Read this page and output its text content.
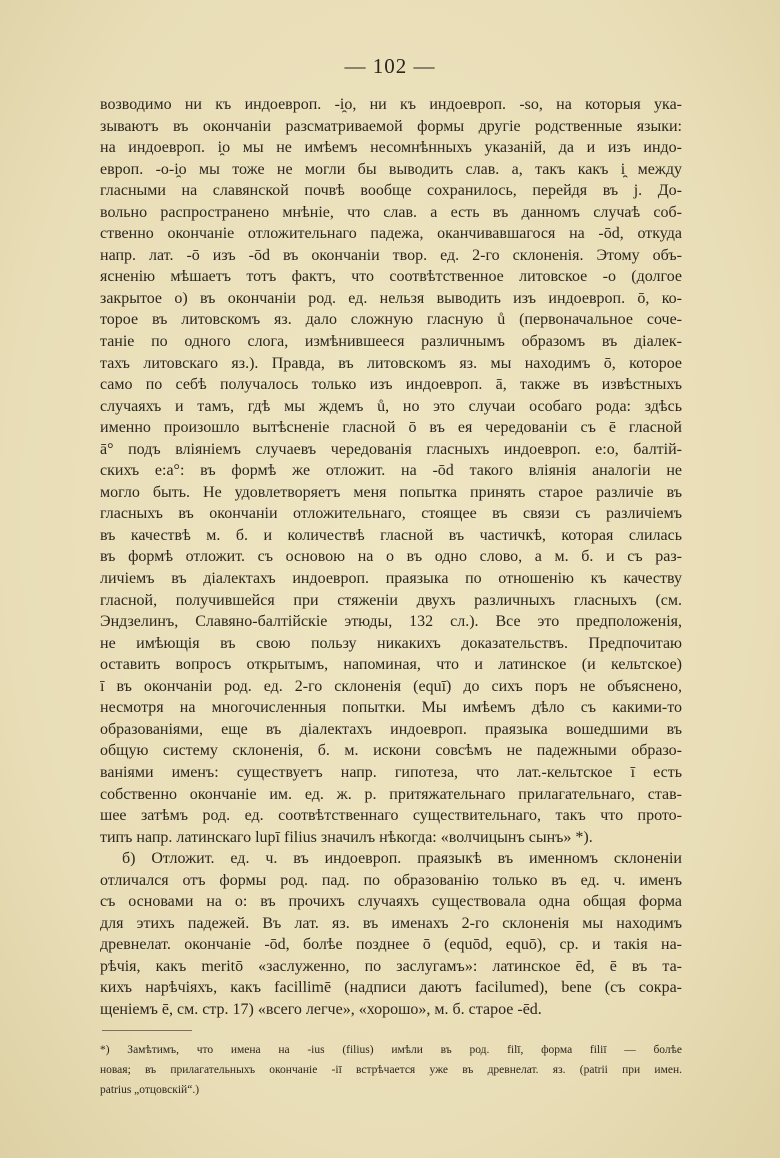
— 102 —
возводимо ни къ индоевроп. -i̯o, ни къ индоевроп. -so, на которыя ука-
зываютъ въ окончанiи разсматриваемой формы другiе родственные языки:
на индоевроп. i̯o мы не имѣемъ несомнѣнныхъ указанiй, да и изъ индо-
европ. -o-i̯o мы тоже не могли бы выводить слав. а, такъ какъ i̯ между
гласными на славянской почвѣ вообще сохранилось, перейдя въ j. До-
вольно распространено мнѣнiе, что слав. а есть въ данномъ случаѣ соб-
ственно окончанiе отложительнаго падежа, оканчивавшагося на -ōd, откуда
напр. лат. -ō изъ -ōd въ окончанiи твор. ед. 2-го склоненiя. Этому объ-
ясненiю мѣшаетъ тотъ фактъ, что соотвѣтственное литовское -o (долгое
закрытое o) въ окончанiи род. ед. нельзя выводить изъ индоевроп. ō, ко-
торое въ литовскомъ яз. дало сложную гласную ů (первоначальное соче-
танiе по одного слога, измѣнившееся различнымъ образомъ въ дiалек-
тахъ литовскаго яз.). Правда, въ литовскомъ яз. мы находимъ ō, которое
само по себѣ получалось только изъ индоевроп. ā, также въ извѣстныхъ
случаяхъ и тамъ, гдѣ мы ждемъ ů, но это случаи особаго рода: здѣсь
именно произошло вытѣсненiе гласной ō въ ея чередованiи съ ē гласной
ā° подъ влiянiемъ случаевъ чередованiя гласныхъ индоевроп. e:o, балтiй-
скихъ e:a°: въ формѣ же отложит. на -ōd такого влiянiя аналогiи не
могло быть. Не удовлетворяетъ меня попытка принять старое различiе въ
гласныхъ въ окончанiи отложительнаго, стоящее въ связи съ различiемъ
въ качествѣ м. б. и количествѣ гласной въ частичкѣ, которая слилась
въ формѣ отложит. съ основою на o въ одно слово, а м. б. и съ раз-
личiемъ въ дiалектахъ индоевроп. праязыка по отношенiю къ качеству
гласной, получившейся при стяженiи двухъ различныхъ гласныхъ (см.
Эндзелинъ, Славяно-балтiйскiе этюды, 132 сл.). Все это предположенiя,
не имѣющiя въ свою пользу никакихъ доказательствъ. Предпочитаю
оставить вопросъ открытымъ, напоминая, что и латинское (и кельтское)
ī въ окончанiи род. ед. 2-го склоненiя (equī) до сихъ поръ не объяснено,
несмотря на многочисленныя попытки. Мы имѣемъ дѣло съ какими-то
образованiями, еще въ дiалектахъ индоевроп. праязыка вошедшими въ
общую систему склоненiя, б. м. искони совсѣмъ не падежными образо-
ванiями именъ: существуетъ напр. гипотеза, что лат.-кельтское ī есть
собственно окончанiе им. ед. ж. р. притяжательнаго прилагательнаго, став-
шее затѣмъ род. ед. соотвѣтственнаго существительнаго, такъ что прото-
типъ напр. латинскаго lupī filius значилъ нѣкогда: «волчицынъ сынъ» *).
б) Отложит. ед. ч. въ индоевроп. праязыкѣ въ именномъ склоненiи
отличался отъ формы род. пад. по образованiю только въ ед. ч. именъ
съ основами на o: въ прочихъ случаяхъ существовала одна общая форма
для этихъ падежей. Въ лат. яз. въ именахъ 2-го склоненiя мы находимъ
древнелат. окончанiе -ōd, болѣе позднее ō (equōd, equō), ср. и такiя на-
рѣчiя, какъ meritō «заслуженно, по заслугамъ»: латинское ēd, ē въ та-
кихъ нарѣчiяхъ, какъ facillimē (надписи даютъ facilumed), bene (съ сокра-
щенiемъ ē, см. стр. 17) «всего легче», «хорошо», м. б. старое -ēd.
*) Замѣтимъ, что имена на -ius (filius) имѣли въ род. filī, форма filiī — болѣе
новая; въ прилагательныхъ окончанiе -iī встрѣчается уже въ древнелат. яз. (patrii при имен.
patrius „отцовскiй“.)
